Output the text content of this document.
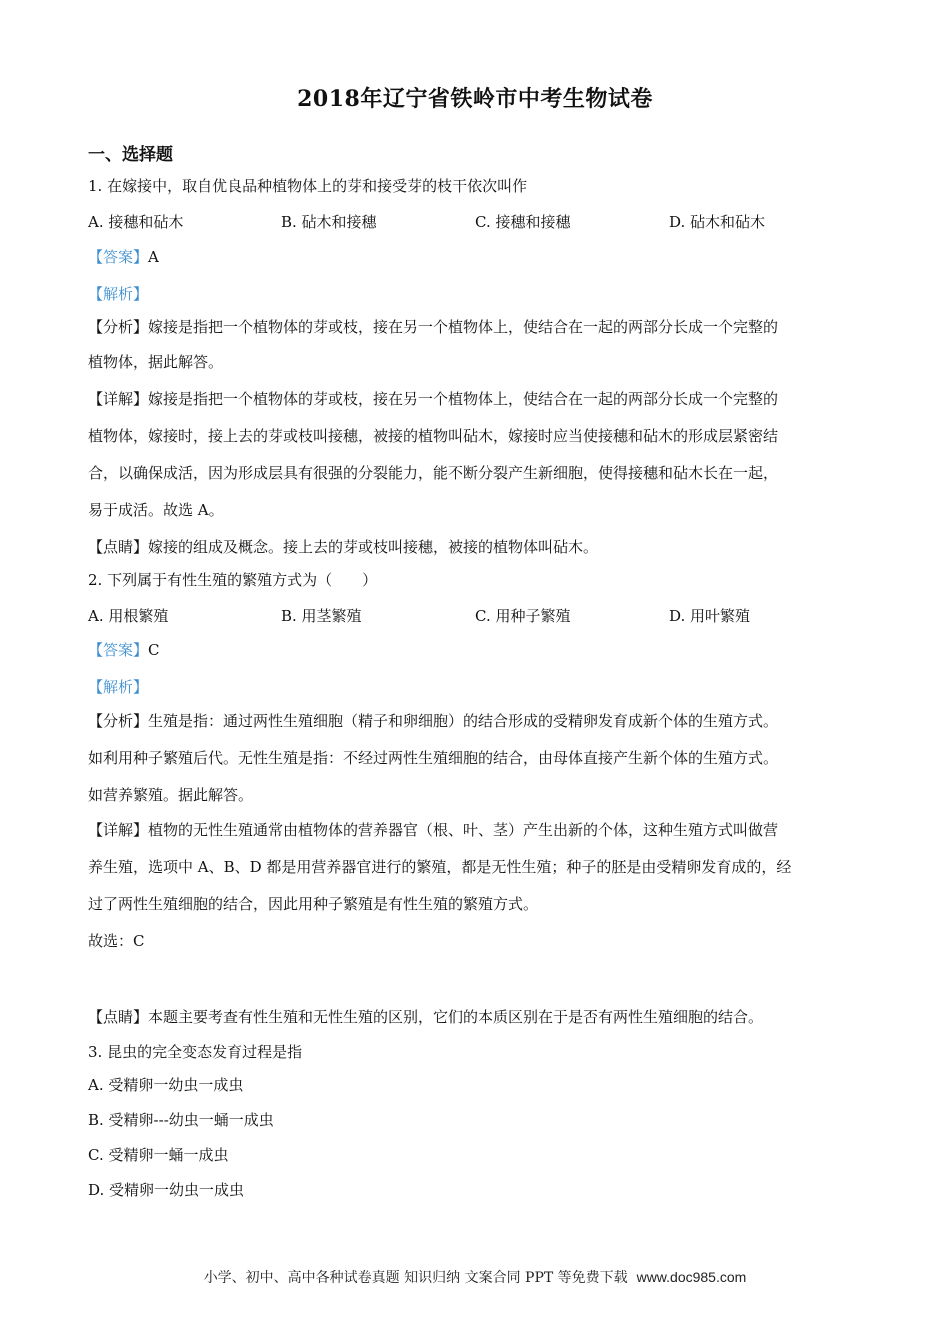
2018年辽宁省铁岭市中考生物试卷
一、选择题
1. 在嫁接中，取自优良品种植物体上的芽和接受芽的枝干依次叫作
A. 接穗和砧木	B. 砧木和接穗	C. 接穗和接穗	D. 砧木和砧木
【答案】A
【解析】
【分析】嫁接是指把一个植物体的芽或枝，接在另一个植物体上，使结合在一起的两部分长成一个完整的
植物体，据此解答。
【详解】嫁接是指把一个植物体的芽或枝，接在另一个植物体上，使结合在一起的两部分长成一个完整的
植物体，嫁接时，接上去的芽或枝叫接穗，被接的植物叫砧木，嫁接时应当使接穗和砧木的形成层紧密结
合，以确保成活，因为形成层具有很强的分裂能力，能不断分裂产生新细胞，使得接穗和砧木长在一起，
易于成活。故选 A。
【点睛】嫁接的组成及概念。接上去的芽或枝叫接穗，被接的植物体叫砧木。
2. 下列属于有性生殖的繁殖方式为（　　）
A. 用根繁殖	B. 用茎繁殖	C. 用种子繁殖	D. 用叶繁殖
【答案】C
【解析】
【分析】生殖是指：通过两性生殖细胞（精子和卵细胞）的结合形成的受精卵发育成新个体的生殖方式。
如利用种子繁殖后代。无性生殖是指：不经过两性生殖细胞的结合，由母体直接产生新个体的生殖方式。
如营养繁殖。据此解答。
【详解】植物的无性生殖通常由植物体的营养器官（根、叶、茎）产生出新的个体，这种生殖方式叫做营
养生殖，选项中 A、B、D 都是用营养器官进行的繁殖，都是无性生殖；种子的胚是由受精卵发育成的，经
过了两性生殖细胞的结合，因此用种子繁殖是有性生殖的繁殖方式。
故选：C
【点睛】本题主要考查有性生殖和无性生殖的区别，它们的本质区别在于是否有两性生殖细胞的结合。
3. 昆虫的完全变态发育过程是指
A. 受精卵一幼虫一成虫
B. 受精卵---幼虫一蛹一成虫
C. 受精卵一蛹一成虫
D. 受精卵一幼虫一成虫
小学、初中、高中各种试卷真题 知识归纳 文案合同 PPT 等免费下载 www.doc985.com
